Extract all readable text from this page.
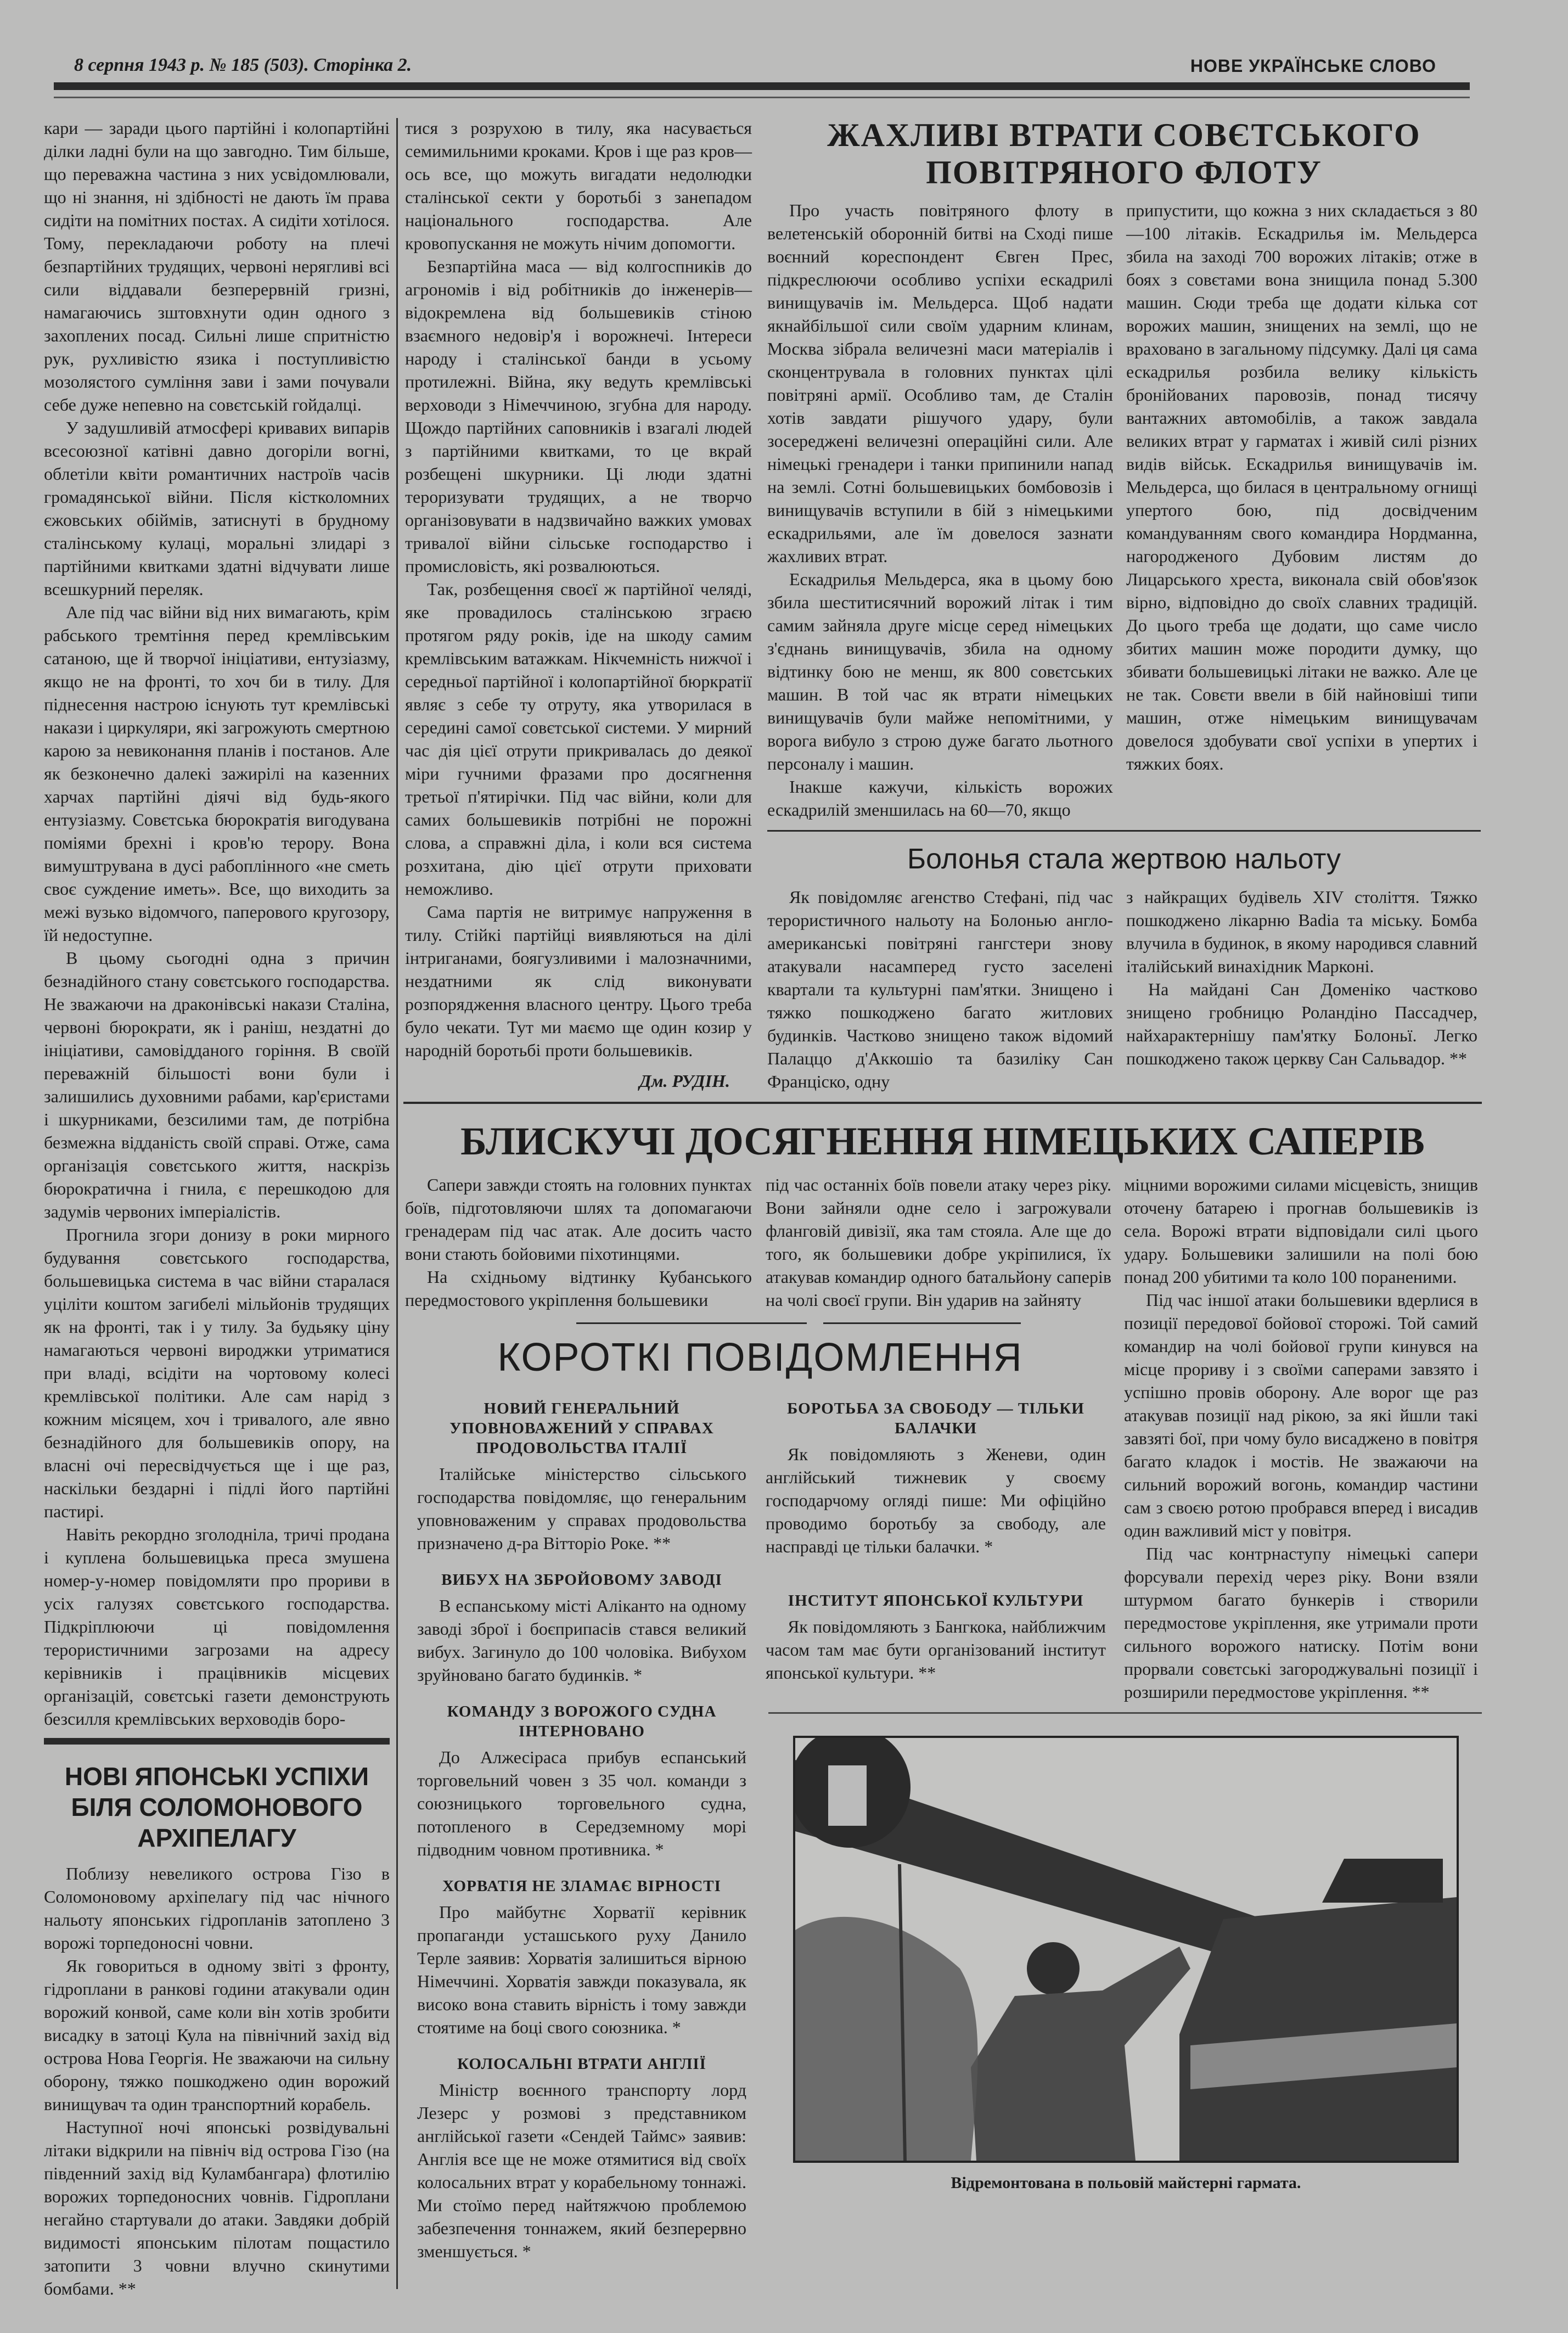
8 серпня 1943 р. № 185 (503). Сторінка 2.	НОВЕ УКРАЇНСЬКЕ СЛОВО

кари — заради цього партійні і колопартійні ділки ладні були на що завгодно. Тим більше, що переважна частина з них усвідомлювали, що ні знання, ні здібності не дають їм права сидіти на помітних постах. А сидіти хотілося. Тому, перекладаючи роботу на плечі безпартійних трудящих, червоні нерягливі всі сили віддавали безперервній гризні, намагаючись зштовхнути один одного з захоплених посад. Сильні лише спритністю рук, рухливістю язика і поступливістю мозолястого сумління зави і зами почували себе дуже непевно на совєтській гойдалці.

У задушливій атмосфері кривавих випарів всесоюзної катівні давно догоріли вогні, облетіли квіти романтичних настроїв часів громадянської війни. Після кістколомних єжовських обіймів, затиснуті в брудному сталінському кулаці, моральні злидарі з партійними квитками здатні відчувати лише всешкурний переляк.

Але під час війни від них вимагають, крім рабського тремтіння перед кремлівським сатаною, ще й творчої ініціативи, ентузіазму, якщо не на фронті, то хоч би в тилу. Для піднесення настрою існують тут кремлівські накази і циркуляри, які загрожують смертною карою за невиконання планів і постанов. Але як безконечно далекі зажирілі на казенних харчах партійні діячі від будь-якого ентузіазму. Совєтська бюрократія вигодувана поміями брехні і кров'ю терору. Вона вимуштрувана в дусі рабоплінного «не сметь своє суждение иметь». Все, що виходить за межі вузько відомчого, паперового кругозору, їй недоступне.

В цьому сьогодні одна з причин безнадійного стану совєтського господарства. Не зважаючи на драконівські накази Сталіна, червоні бюрократи, як і раніш, нездатні до ініціативи, самовідданого горіння. В своїй переважній більшості вони були і залишились духовними рабами, кар'єристами і шкурниками, безсилими там, де потрібна безмежна відданість своїй справі. Отже, сама організація совєтського життя, наскрізь бюрократична і гнила, є перешкодою для задумів червоних імперіалістів.

Прогнила згори донизу в роки мирного будування совєтського господарства, большевицька система в час війни старалася уціліти коштом загибелі мільйонів трудящих як на фронті, так і у тилу. За будьяку ціну намагаються червоні вироджки утриматися при владі, всідіти на чортовому колесі кремлівської політики. Але сам нарід з кожним місяцем, хоч і тривалого, але явно безнадійного для большевиків опору, на власні очі пересвідчується ще і ще раз, наскільки бездарні і підлі його партійні пастирі.

Навіть рекордно зголодніла, тричі продана і куплена большевицька преса змушена номер-у-номер повідомляти про прориви в усіх галузях совєтського господарства. Підкріплюючи ці повідомлення терористичними загрозами на адресу керівників і працівників місцевих організацій, совєтські газети демонструють безсилля кремлівських верховодів боро-

тися з розрухою в тилу, яка насувається семимильними кроками. Кров і ще раз кров—ось все, що можуть вигадати недолюдки сталінської секти у боротьбі з занепадом національного господарства. Але кровопускання не можуть нічим допомогти.

Безпартійна маса — від колгоспників до агрономів і від робітників до інженерів—відокремлена від большевиків стіною взаємного недовір'я і ворожнечі. Інтереси народу і сталінської банди в усьому протилежні. Війна, яку ведуть кремлівські верховоди з Німеччиною, згубна для народу. Щождо партійних саповників і взагалі людей з партійними квитками, то це вкрай розбещені шкурники. Ці люди здатні тероризувати трудящих, а не творчо організовувати в надзвичайно важких умовах тривалої війни сільське господарство і промисловість, які розвалюються.

Так, розбещення своєї ж партійної челяді, яке провадилось сталінською зграєю протягом ряду років, іде на шкоду самим кремлівським ватажкам. Нікчемність нижчої і середньої партійної і колопартійної бюркратії являє з себе ту отруту, яка утворилася в середині самої совєтської системи. У мирний час дія цієї отрути прикривалась до деякої міри гучними фразами про досягнення третьої п'ятирічки. Під час війни, коли для самих большевиків потрібні не порожні слова, а справжні діла, і коли вся система розхитана, дію цієї отрути приховати неможливо.

Сама партія не витримує напруження в тилу. Стійкі партійці виявляються на ділі інтриганами, боягузливими і малозначними, нездатними як слід виконувати розпорядження власного центру. Цього треба було чекати. Тут ми маємо ще один козир у народній боротьбі проти большевиків.

Дм. РУДІН.

НОВІ ЯПОНСЬКІ УСПІХИ
БІЛЯ СОЛОМОНОВОГО
АРХІПЕЛАГУ

Поблизу невеликого острова Гізо в Соломоновому архіпелагу під час нічного нальоту японських гідропланів затоплено 3 ворожі торпедоносні човни.

Як говориться в одному звіті з фронту, гідроплани в ранкові години атакували один ворожий конвой, саме коли він хотів зробити висадку в затоці Кула на північний захід від острова Нова Георгія. Не зважаючи на сильну оборону, тяжко пошкоджено один ворожий винищувач та один транспортний корабель.

Наступної ночі японські розвідувальні літаки відкрили на північ від острова Гізо (на південний захід від Куламбангара) флотилію ворожих торпедоносних човнів. Гідроплани негайно стартували до атаки. Завдяки добрій видимості японським пілотам пощастило затопити 3 човни влучно скинутими бомбами. **

ЖАХЛИВІ ВТРАТИ СОВЄТСЬКОГО
ПОВІТРЯНОГО ФЛОТУ

Про участь повітряного флоту в велетенській оборонній битві на Сході пише воєнний кореспондент Євген Прес, підкреслюючи особливо успіхи ескадрилі винищувачів ім. Мельдерса. Щоб надати якнайбільшої сили своїм ударним клинам, Москва зібрала величезні маси матеріалів і сконцентрувала в головних пунктах цілі повітряні армії. Особливо там, де Сталін хотів завдати рішучого удару, були зосереджені величезні операційні сили. Але німецькі гренадери і танки припинили напад на землі. Сотні большевицьких бомбовозів і винищувачів вступили в бій з німецькими ескадрильями, але їм довелося зазнати жахливих втрат.

Ескадрилья Мельдерса, яка в цьому бою збила шеститисячний ворожий літак і тим самим зайняла друге місце серед німецьких з'єднань винищувачів, збила на одному відтинку бою не менш, як 800 совєтських машин. В той час як втрати німецьких винищувачів були майже непомітними, у ворога вибуло з строю дуже багато льотного персоналу і машин.

Інакше кажучи, кількість ворожих ескадрилій зменшилась на 60—70, якщо

припустити, що кожна з них складається з 80—100 літаків. Ескадрилья ім. Мельдерса збила на заході 700 ворожих літаків; отже в боях з совєтами вона знищила понад 5.300 машин. Сюди треба ще додати кілька сот ворожих машин, знищених на землі, що не враховано в загальному підсумку. Далі ця сама ескадрилья розбила велику кількість бронійованих паровозів, понад тисячу вантажних автомобілів, а також завдала великих втрат у гарматах і живій силі різних видів військ. Ескадрилья винищувачів ім. Мельдерса, що билася в центральному огнищі упертого бою, під досвідченим командуванням свого командира Нордманна, нагородженого Дубовим листям до Лицарського хреста, виконала свій обов'язок вірно, відповідно до своїх славних традицій. До цього треба ще додати, що саме число збитих машин може породити думку, що збивати большевицькі літаки не важко. Але це не так. Совєти ввели в бій найновіші типи машин, отже німецьким винищувачам довелося здобувати свої успіхи в упертих і тяжких боях.

Болонья стала жертвою нальоту

Як повідомляє агенство Стефані, під час терористичного нальоту на Болонью англо-американські повітряні гангстери знову атакували насамперед густо заселені квартали та культурні пам'ятки. Знищено і тяжко пошкоджено багато житлових будинків. Частково знищено також відомий Палаццо д'Аккошіо та базиліку Сан Франціско, одну

з найкращих будівель XIV століття. Тяжко пошкоджено лікарню Badia та міську. Бомба влучила в будинок, в якому народився славний італійський винахідник Марконі.

На майдані Сан Доменіко частково знищено гробницю Роландіно Пассадчер, найхарактернішу пам'ятку Болоньї. Легко пошкоджено також церкву Сан Сальвадор. **

БЛИСКУЧІ ДОСЯГНЕННЯ НІМЕЦЬКИХ САПЕРІВ

Сапери завжди стоять на головних пунктах боїв, підготовляючи шлях та допомагаючи гренадерам під час атак. Але досить часто вони стають бойовими піхотинцями.

На східньому відтинку Кубанського передмостового укріплення большевики

під час останніх боїв повели атаку через ріку. Вони зайняли одне село і загрожували фланговій дивізії, яка там стояла. Але ще до того, як большевики добре укріпилися, їх атакував командир одного батальйону саперів на чолі своєї групи. Він ударив на зайняту

міцними ворожими силами місцевість, знищив оточену батарею і прогнав большевиків із села. Ворожі втрати відповідали силі цього удару. Большевики залишили на полі бою понад 200 убитими та коло 100 пораненими.

Під час іншої атаки большевики вдерлися в позиції передової бойової сторожі. Той самий командир на чолі бойової групи кинувся на місце прориву і з своїми саперами завзято і успішно провів оборону. Але ворог ще раз атакував позиції над рікою, за які йшли такі завзяті бої, при чому було висаджено в повітря багато кладок і мостів. Не зважаючи на сильний ворожий вогонь, командир частини сам з своєю ротою пробрався вперед і висадив один важливий міст у повітря.

Під час контрнаступу німецькі сапери форсували перехід через ріку. Вони взяли штурмом багато бункерів і створили передмостове укріплення, яке утримали проти сильного ворожого натиску. Потім вони прорвали совєтські загороджувальні позиції і розширили передмостове укріплення. **

КОРОТКІ ПОВІДОМЛЕННЯ
НОВИЙ ГЕНЕРАЛЬНИЙ УПОВНОВАЖЕНИЙ У СПРАВАХ ПРОДОВОЛЬСТВА ІТАЛІЇ

Італійське міністерство сільського господарства повідомляє, що генеральним уповноваженим у справах продовольства призначено д-ра Вітторіо Роке. **

ВИБУХ НА ЗБРОЙОВОМУ ЗАВОДІ

В еспанському місті Аліканто на одному заводі зброї і боєприпасів стався великий вибух. Загинуло до 100 чоловіка. Вибухом зруйновано багато будинків. *

КОМАНДУ З ВОРОЖОГО СУДНА ІНТЕРНОВАНО

До Алжесіраса прибув еспанський торговельний човен з 35 чол. команди з союзницького торговельного судна, потопленого в Середземному морі підводним човном противника. *

ХОРВАТІЯ НЕ ЗЛАМАЄ ВІРНОСТІ

Про майбутнє Хорватії керівник пропаганди усташського руху Данило Терле заявив: Хорватія залишиться вірною Німеччині. Хорватія завжди показувала, як високо вона ставить вірність і тому завжди стоятиме на боці свого союзника. *

КОЛОСАЛЬНІ ВТРАТИ АНГЛІЇ

Міністр воєнного транспорту лорд Лезерс у розмові з представником англійської газети «Сендей Таймс» заявив: Англія все ще не може отямитися від своїх колосальних втрат у корабельному тоннажі. Ми стоїмо перед найтяжчою проблемою забезпечення тоннажем, який безперервно зменшується. *

БОРОТЬБА ЗА СВОБОДУ — ТІЛЬКИ БАЛАЧКИ

Як повідомляють з Женеви, один англійський тижневик у своєму господарчому огляді пише: Ми офіційно проводимо боротьбу за свободу, але насправді це тільки балачки. *

ІНСТИТУТ ЯПОНСЬКОЇ КУЛЬТУРИ

Як повідомляють з Бангкока, найближчим часом там має бути організований інститут японської культури. **

Відремонтована в польовій майстерні гармата.
